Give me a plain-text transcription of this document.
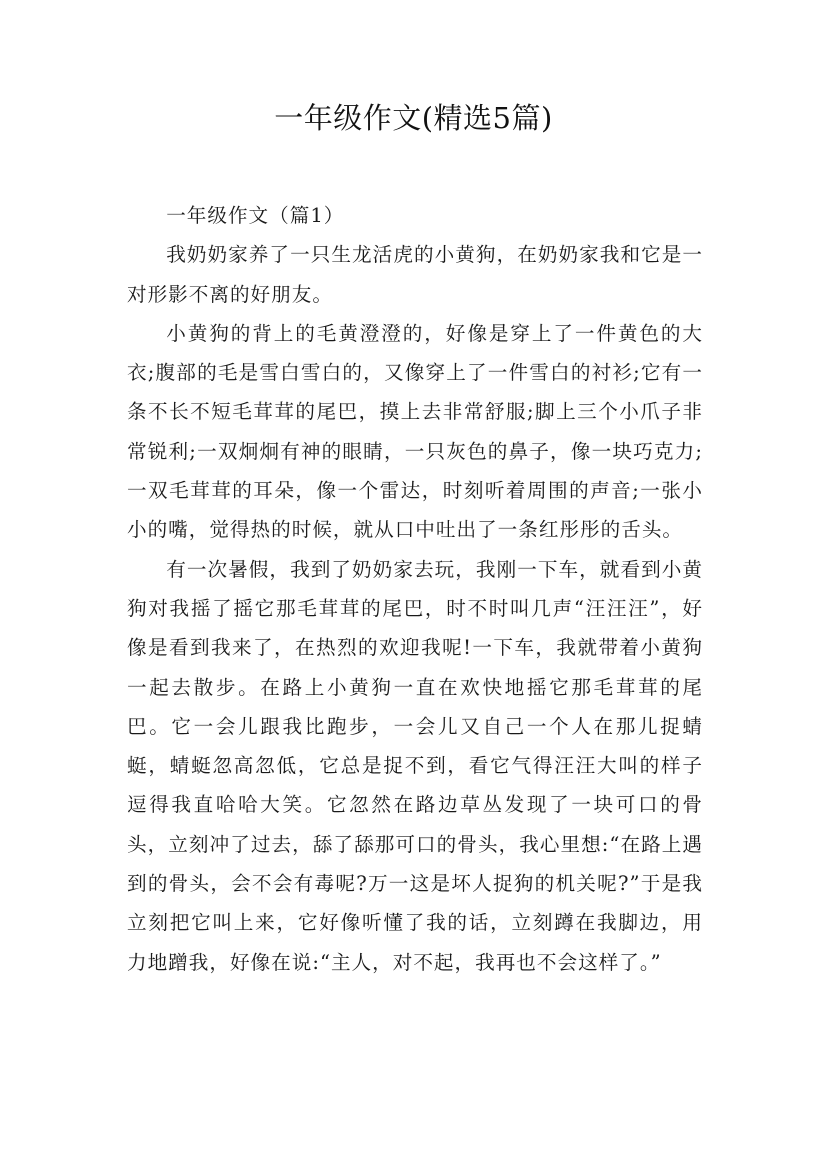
一年级作文(精选5篇)

一年级作文（篇1）

我奶奶家养了一只生龙活虎的小黄狗，在奶奶家我和它是一对形影不离的好朋友。

小黄狗的背上的毛黄澄澄的，好像是穿上了一件黄色的大衣;腹部的毛是雪白雪白的，又像穿上了一件雪白的衬衫;它有一条不长不短毛茸茸的尾巴，摸上去非常舒服;脚上三个小爪子非常锐利;一双炯炯有神的眼睛，一只灰色的鼻子，像一块巧克力;一双毛茸茸的耳朵，像一个雷达，时刻听着周围的声音;一张小小的嘴，觉得热的时候，就从口中吐出了一条红彤彤的舌头。

有一次暑假，我到了奶奶家去玩，我刚一下车，就看到小黄狗对我摇了摇它那毛茸茸的尾巴，时不时叫几声“汪汪汪”，好像是看到我来了，在热烈的欢迎我呢!一下车，我就带着小黄狗一起去散步。在路上小黄狗一直在欢快地摇它那毛茸茸的尾巴。它一会儿跟我比跑步，一会儿又自己一个人在那儿捉蜻蜓，蜻蜓忽高忽低，它总是捉不到，看它气得汪汪大叫的样子逗得我直哈哈大笑。它忽然在路边草丛发现了一块可口的骨头，立刻冲了过去，舔了舔那可口的骨头，我心里想:“在路上遇到的骨头，会不会有毒呢?万一这是坏人捉狗的机关呢?”于是我立刻把它叫上来，它好像听懂了我的话，立刻蹲在我脚边，用力地蹭我，好像在说:“主人，对不起，我再也不会这样了。”
